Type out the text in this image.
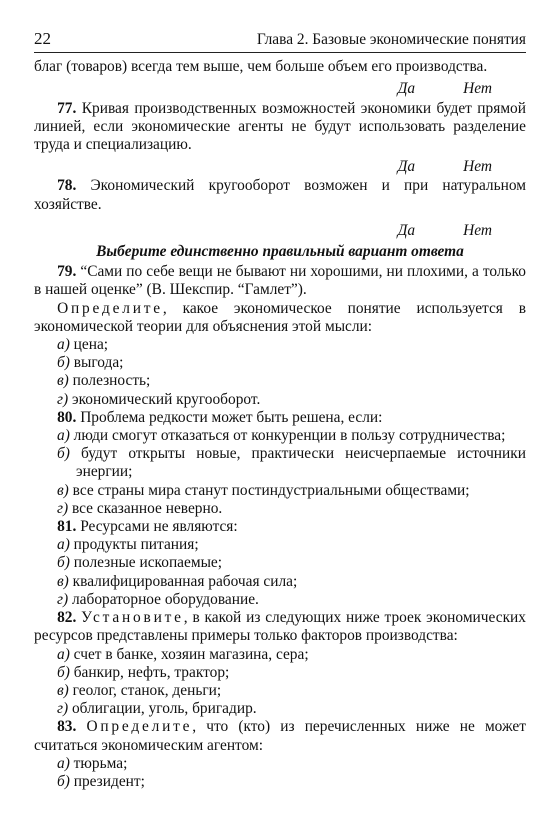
22	Глава 2. Базовые экономические понятия

благ (товаров) всегда тем выше, чем больше объем его производства.

Да	Нет

77. Кривая производственных возможностей экономики будет прямой линией, если экономические агенты не будут использовать разделение труда и специализацию.

Да	Нет

78. Экономический кругооборот возможен и при натуральном хозяйстве.

Да	Нет
Выберите единственно правильный вариант ответа

79. “Сами по себе вещи не бывают ни хорошими, ни плохими, а только в нашей оценке” (В. Шекспир. “Гамлет”).

Определите, какое экономическое понятие используется в экономической теории для объяснения этой мысли:

а) цена;

б) выгода;

в) полезность;

г) экономический кругооборот.

80. Проблема редкости может быть решена, если:

а) люди смогут отказаться от конкуренции в пользу сотрудничества;

б) будут открыты новые, практически неисчерпаемые источники энергии;

в) все страны мира станут постиндустриальными обществами;

г) все сказанное неверно.

81. Ресурсами не являются:

а) продукты питания;

б) полезные ископаемые;

в) квалифицированная рабочая сила;

г) лабораторное оборудование.

82. Установите, в какой из следующих ниже троек экономических ресурсов представлены примеры только факторов производства:

а) счет в банке, хозяин магазина, сера;

б) банкир, нефть, трактор;

в) геолог, станок, деньги;

г) облигации, уголь, бригадир.

83. Определите, что (кто) из перечисленных ниже не может считаться экономическим агентом:

а) тюрьма;

б) президент;
